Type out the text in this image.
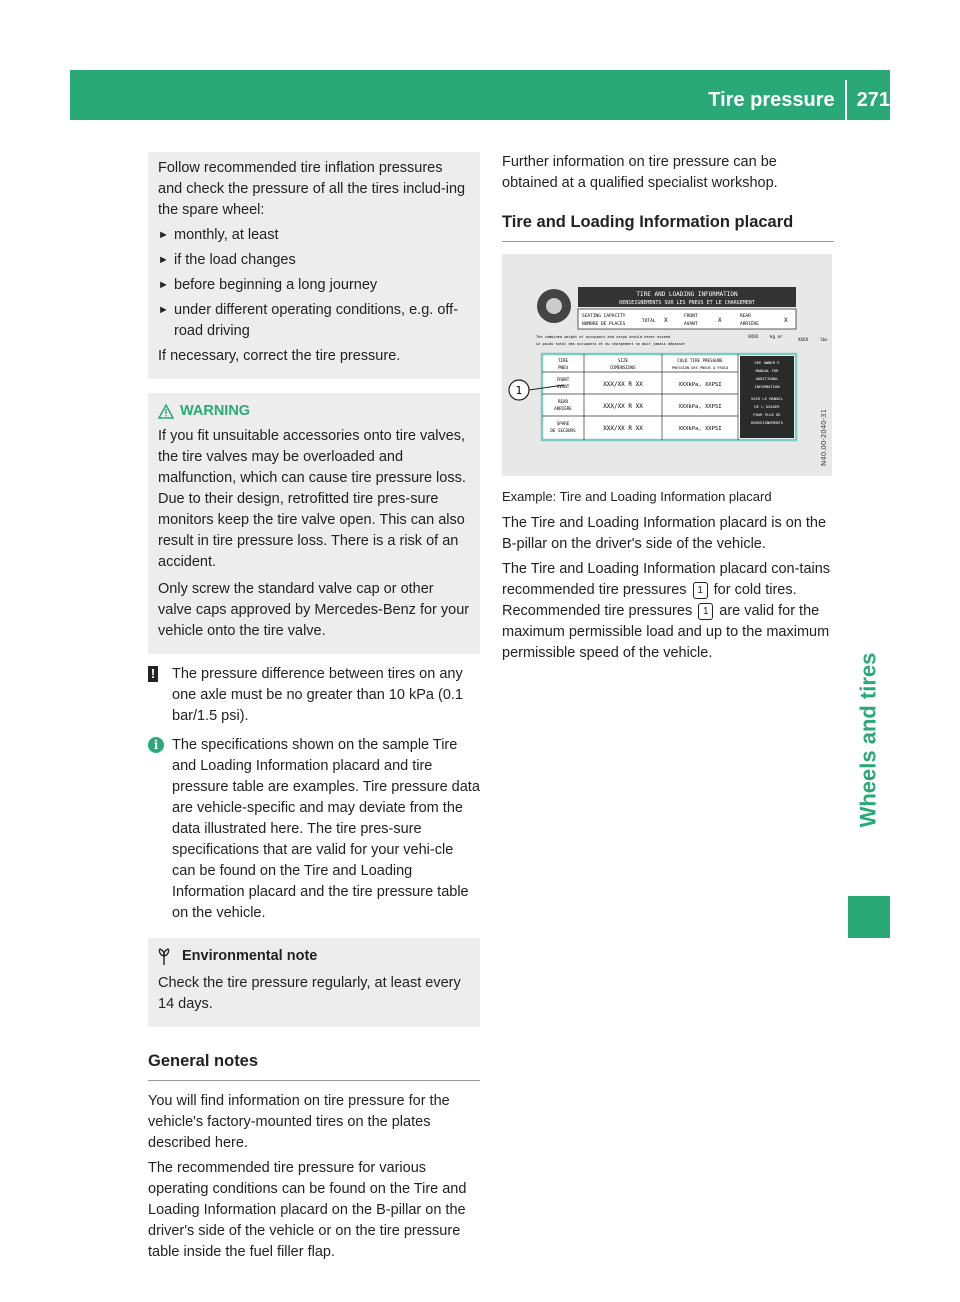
Tire pressure 271
Wheels and tires

Follow recommended tire inflation pressures and check the pressure of all the tires includ-ing the spare wheel:

► monthly, at least
► if the load changes
► before beginning a long journey
► under different operating conditions, e.g. off-road driving

If necessary, correct the tire pressure.

WARNING

If you fit unsuitable accessories onto tire valves, the tire valves may be overloaded and malfunction, which can cause tire pressure loss. Due to their design, retrofitted tire pres-sure monitors keep the tire valve open. This can also result in tire pressure loss. There is a risk of an accident.

Only screw the standard valve cap or other valve caps approved by Mercedes-Benz for your vehicle onto the tire valve.

!	The pressure difference between tires on any one axle must be no greater than 10 kPa (0.1 bar/1.5 psi).
i The specifications shown on the sample Tire and Loading Information placard and tire pressure table are examples. Tire pressure data are vehicle-specific and may deviate from the data illustrated here. The tire pres-sure specifications that are valid for your vehi-cle can be found on the Tire and Loading Information placard and the tire pressure table on the vehicle.
Environmental note

Check the tire pressure regularly, at least every 14 days.

General notes

You will find information on tire pressure for the vehicle's factory-mounted tires on the plates described here.

The recommended tire pressure for various operating conditions can be found on the Tire and Loading Information placard on the B-pillar on the driver's side of the vehicle or on the tire pressure table inside the fuel filler flap.

Further information on tire pressure can be obtained at a qualified specialist workshop.

Tire and Loading Information placard
TIRE AND LOADING INFORMATION
RENSEIGNEMENTS SUR LES PNEUS ET LE CHARGEMENT
SEATING CAPACITY
NOMBRE DE PLACES
TOTAL X
FRONT
AVANT
X
REAR
ARRIÈRE
X
The combined weight of occupants and cargo should never exceed
Le poids total des occupants et du chargement ne doit jamais dépasser
XXXX	kg or
XXXX	lbs
TIRE
PNEU
SIZE
DIMENSIONS
COLD TIRE PRESSURE
PRESSION DES PNEUS À FROID
FRONT
AVANT	XXX/XX R XX	XXXkPa, XXPSI
REAR
ARRIÈRE	XXX/XX R XX	XXXkPa, XXPSI
SPARE
DE SECOURS	XXX/XX R XX	XXXkPa, XXPSI
SEE OWNER'S
MANUAL FOR
ADDITIONAL
INFORMATION
VOIR LE MANUEL
DE L'USAGER
POUR PLUS DE
RENSEIGNEMENTS
1
N40.00-2040-31

Example: Tire and Loading Information placard

The Tire and Loading Information placard is on the B-pillar on the driver's side of the vehicle.

The Tire and Loading Information placard con-tains recommended tire pressures 1 for cold tires. Recommended tire pressures 1 are valid for the maximum permissible load and up to the maximum permissible speed of the vehicle.
